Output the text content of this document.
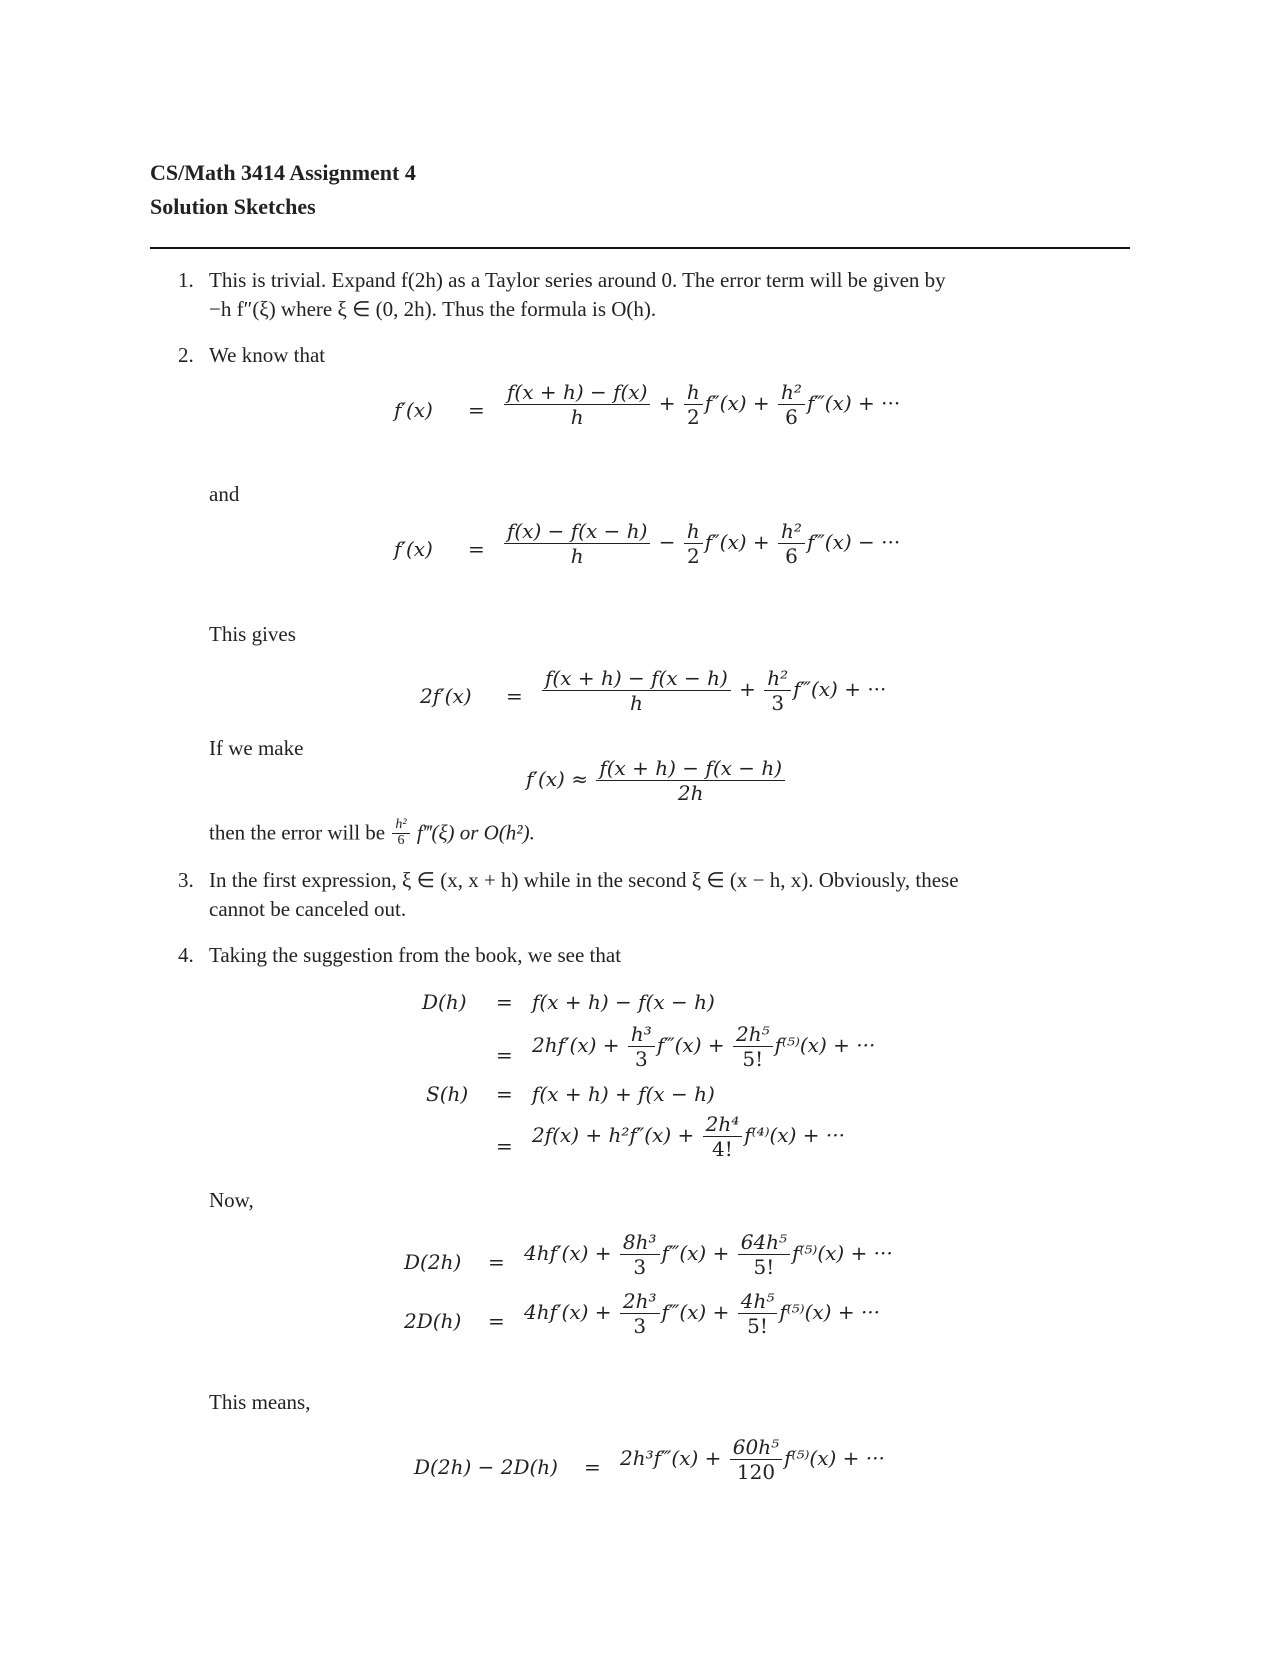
CS/Math 3414 Assignment 4
Solution Sketches
1. This is trivial. Expand f(2h) as a Taylor series around 0. The error term will be given by
−h f″(ξ) where ξ ∈ (0, 2h). Thus the formula is O(h).
2. We know that
$f'(x) = \frac{f(x + h) - f(x)}{h} + \frac{h}{2} f''(x) + \frac{\text{h²}}{6}$ f‴(x) + ···
and
$f'(x) = \frac{f(x) - f(x - h)}{h} - \frac{h}{2} f''(x) + \frac{\text{h²}}{6}$ f‴(x) − ···
This gives
$2f'(x) = \frac{f(x + h) - f(x - h)}{h} + \frac{\text{h²}}{3}$ f‴(x) + ···
If we make
$f'(x) \approx \frac{f(x + h) - f(x - h)}{2h}$
then the error will be $\frac{\text{h²}}{6}$ f‴(ξ) or O(h²).
3. In the first expression, ξ ∈ (x, x + h) while in the second ξ ∈ (x − h, x). Obviously, these
cannot be canceled out.
4. Taking the suggestion from the book, we see that
D(h) = f(x + h) − f(x − h)
= $2hf'(x) + \frac{\text{h³}}{3}$ f‴(x) + $\frac{\text{2h⁵}}{5!} f^{(5)}(x)$ + ···
S(h) = f(x + h) + f(x − h)
= $2f(x) + h^2f''(x) + \frac{\text{2h⁴}}{4!} f^{(4)}(x)$ + ···
Now,
$D(2h) = 4hf'(x) + \frac{\text{8h³}}{3}$ f‴(x) + $\frac{\text{64h⁵}}{5!} f^{(5)}(x)$ + ···
$2D(h) = 4hf'(x) + \frac{\text{2h³}}{3}$ f‴(x) + $\frac{\text{4h⁵}}{5!} f^{(5)}(x)$ + ···
This means,
D(2h) − 2D(h) = 2h³f‴(x) + $\frac{\text{60h⁵}}{120} f^{(5)}(x)$ + ···
